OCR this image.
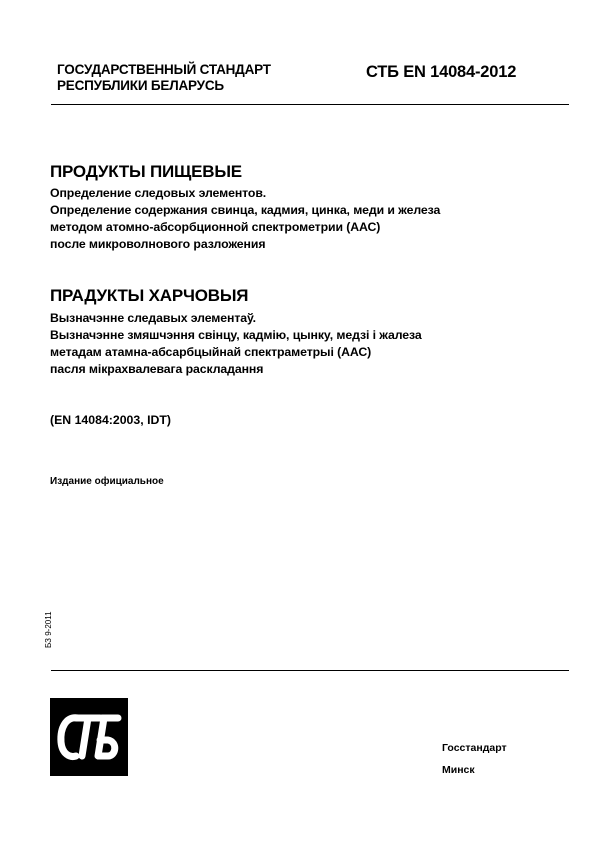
ГОСУДАРСТВЕННЫЙ СТАНДАРТ
РЕСПУБЛИКИ БЕЛАРУСЬ
СТБ EN 14084-2012
ПРОДУКТЫ ПИЩЕВЫЕ
Определение следовых элементов.
Определение содержания свинца, кадмия, цинка, меди и железа
методом атомно-абсорбционной спектрометрии (ААС)
после микроволнового разложения
ПРАДУКТЫ ХАРЧОВЫЯ
Вызначэнне следавых элементаў.
Вызначэнне змяшчэння свінцу, кадмію, цынку, медзі і жалеза
метадам атамна-абсарбцыйнай спектраметрыі (ААС)
пасля мікрахвалевага раскладання
(EN 14084:2003, IDT)
Издание официальное
БЗ 9-2011
Госстандарт
Минск
